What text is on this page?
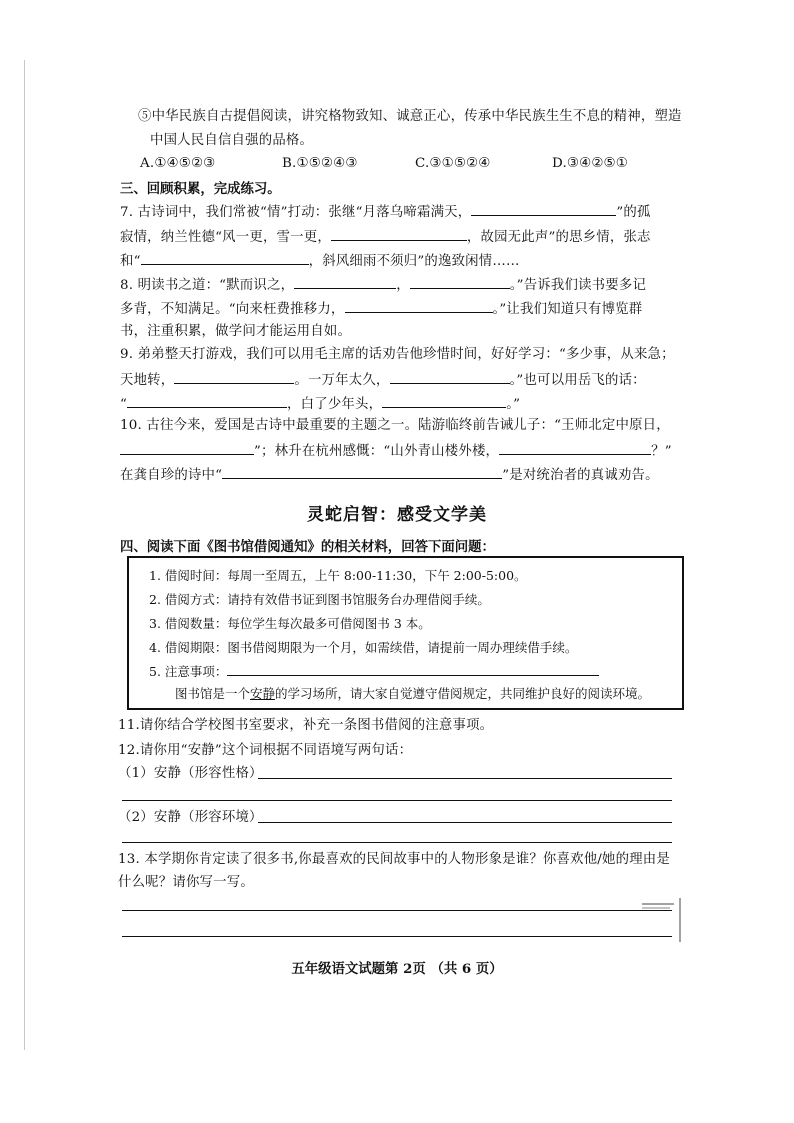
⑤中华民族自古提倡阅读，讲究格物致知、诚意正心，传承中华民族生生不息的精神，塑造
中国人民自信自强的品格。
A.①④⑤②③	B.①⑤②④③	C.③①⑤②④	D.③④②⑤①
三、回顾积累，完成练习。
7. 古诗词中，我们常被“情”打动：张继“月落乌啼霜满天，	”的孤
寂情，纳兰性德“风一更，雪一更，	，故园无此声”的思乡情，张志
和“	，斜风细雨不须归”的逸致闲情……
8. 明读书之道：“默而识之，	，	。”告诉我们读书要多记
多背，不知满足。“向来枉费推移力，	。”让我们知道只有博览群
书，注重积累，做学问才能运用自如。
9. 弟弟整天打游戏，我们可以用毛主席的话劝告他珍惜时间，好好学习：“多少事，从来急；
天地转，	。一万年太久，	。”也可以用岳飞的话：
“	，白了少年头，	。”
10. 古往今来，爱国是古诗中最重要的主题之一。陆游临终前告诫儿子：“王师北定中原日，
”；林升在杭州感慨：“山外青山楼外楼，	？”
在龚自珍的诗中“	”是对统治者的真诚劝告。
灵蛇启智：感受文学美
四、阅读下面《图书馆借阅通知》的相关材料，回答下面问题：
1. 借阅时间：每周一至周五，上午 8:00-11:30，下午 2:00-5:00。
2. 借阅方式：请持有效借书证到图书馆服务台办理借阅手续。
3. 借阅数量：每位学生每次最多可借阅图书 3 本。
4. 借阅期限：图书借阅期限为一个月，如需续借，请提前一周办理续借手续。
5. 注意事项：
图书馆是一个安静的学习场所，请大家自觉遵守借阅规定，共同维护良好的阅读环境。
11.请你结合学校图书室要求，补充一条图书借阅的注意事项。
12.请你用“安静”这个词根据不同语境写两句话：
（1）安静（形容性格）
（2）安静（形容环境）
13. 本学期你肯定读了很多书,你最喜欢的民间故事中的人物形象是谁？你喜欢他/她的理由是
什么呢？请你写一写。
五年级语文试题第 2页 （共 6 页）
